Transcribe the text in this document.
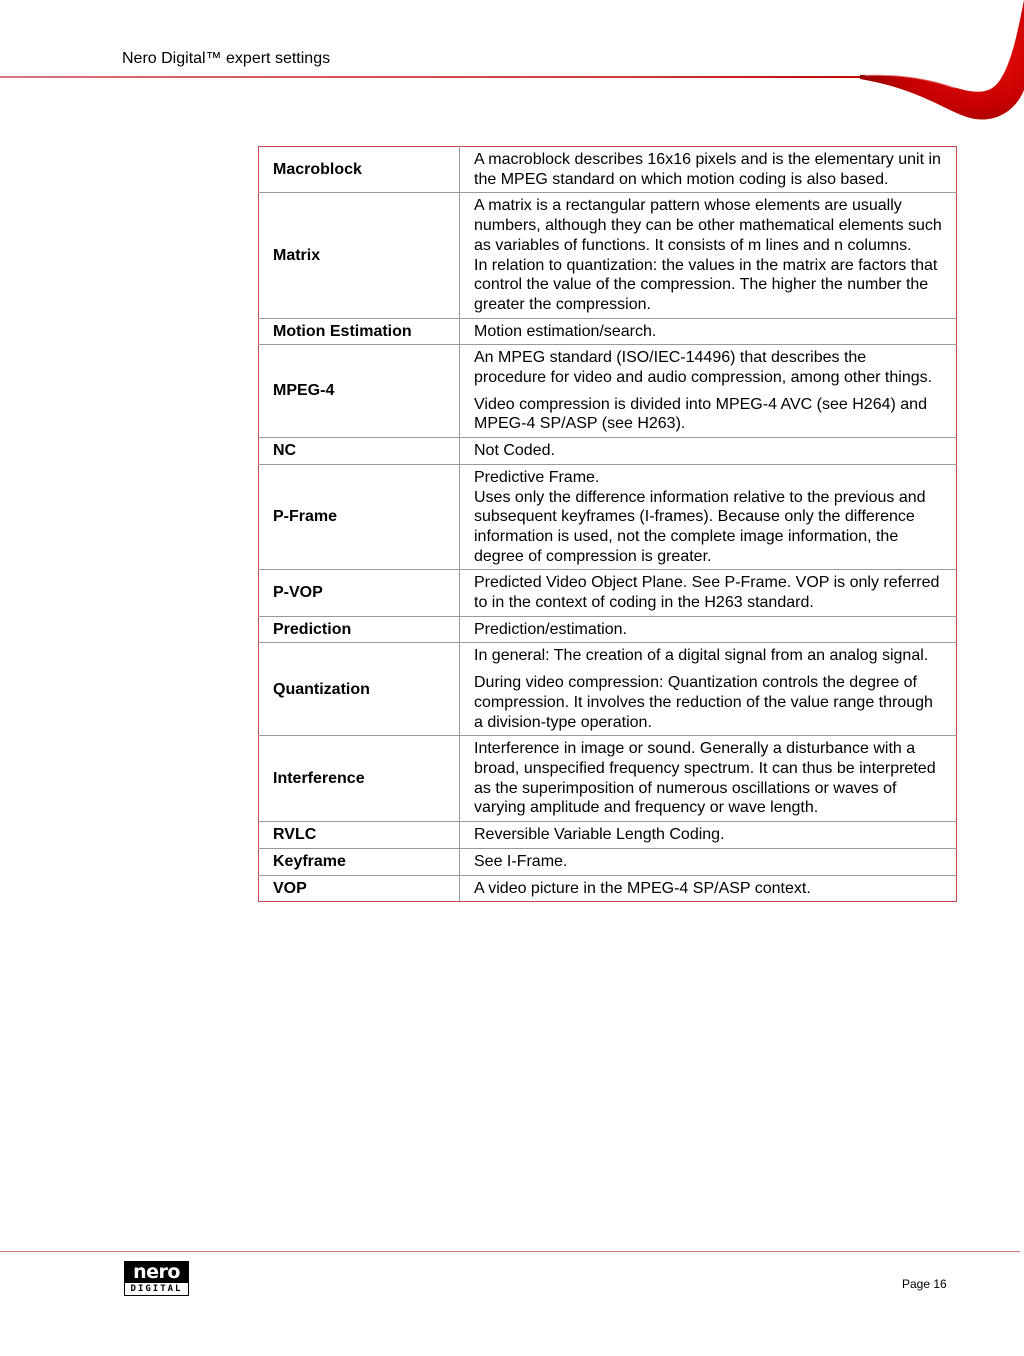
Nero Digital™ expert settings
Macroblock	A macroblock describes 16x16 pixels and is the elementary unit in the MPEG standard on which motion coding is also based.

Matrix	A matrix is a rectangular pattern whose elements are usually numbers, although they can be other mathematical elements such as variables of functions. It consists of m lines and n columns.

In relation to quantization: the values in the matrix are factors that control the value of the compression. The higher the number the greater the compression.

Motion Estimation	Motion estimation/search.

MPEG-4	An MPEG standard (ISO/IEC-14496) that describes the procedure for video and audio compression, among other things.

Video compression is divided into MPEG-4 AVC (see H264) and MPEG-4 SP/ASP (see H263).

NC	Not Coded.

P-Frame	Predictive Frame.

Uses only the difference information relative to the previous and subsequent keyframes (I-frames). Because only the difference information is used, not the complete image information, the degree of compression is greater.

P-VOP	Predicted Video Object Plane. See P-Frame. VOP is only referred to in the context of coding in the H263 standard.

Prediction	Prediction/estimation.

Quantization	In general: The creation of a digital signal from an analog signal.

During video compression: Quantization controls the degree of compression. It involves the reduction of the value range through a division-type operation.

Interference	Interference in image or sound. Generally a disturbance with a broad, unspecified frequency spectrum. It can thus be interpreted as the superimposition of numerous oscillations or waves of varying amplitude and frequency or wave length.

RVLC	Reversible Variable Length Coding.

Keyframe	See I-Frame.

VOP	A video picture in the MPEG-4 SP/ASP context.

nero
DIGITAL	Page 16
